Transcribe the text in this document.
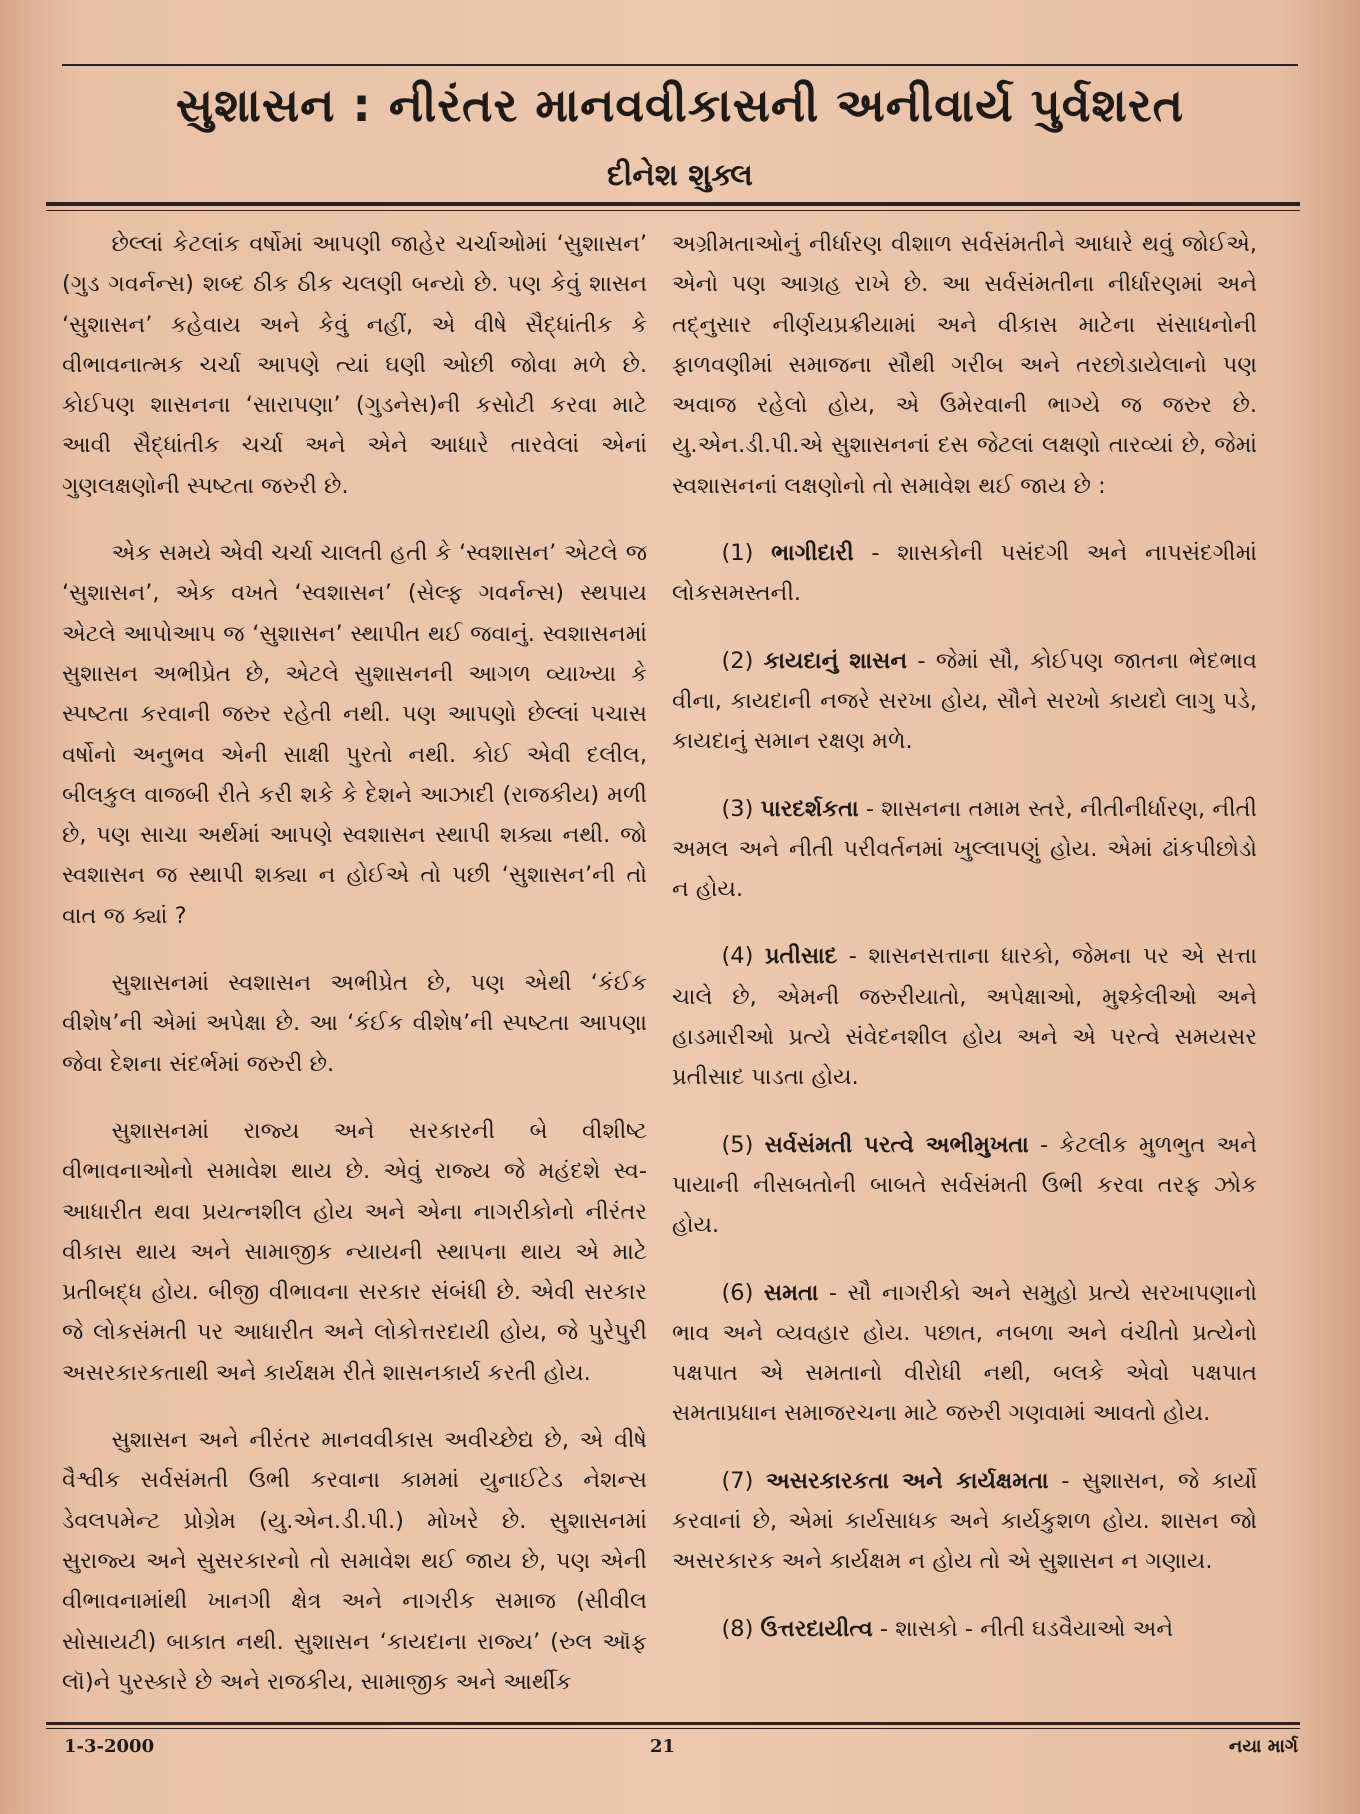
સુશાસન : નીરંતર માનવવીકાસની અનીવાર્ય પુર્વશરત
દીનેશ શુક્લ

છેલ્લાં કેટલાંક વર્ષોમાં આપણી જાહેર ચર્ચાઓમાં ‘સુશાસન’ (ગુડ ગવર્નન્સ) શબ્દ ઠીક ઠીક ચલણી બન્યો છે. પણ કેવું શાસન ‘સુશાસન’ કહેવાય અને કેવું નહીં, એ વીષે સૈદ્ધાંતીક કે વીભાવનાત્મક ચર્ચા આપણે ત્યાં ઘણી ઓછી જોવા મળે છે. કોઈપણ શાસનના ‘સારાપણા’ (ગુડનેસ)ની કસોટી કરવા માટે આવી સૈદ્ધાંતીક ચર્ચા અને એને આધારે તારવેલાં એનાં ગુણલક્ષણોની સ્પષ્ટતા જરુરી છે.

એક સમયે એવી ચર્ચા ચાલતી હતી કે ‘સ્વશાસન’ એટલે જ ‘સુશાસન’, એક વખતે ‘સ્વશાસન’ (સેલ્ફ ગવર્નન્સ) સ્થપાય એટલે આપોઆપ જ ‘સુશાસન’ સ્થાપીત થઈ જવાનું. સ્વશાસનમાં સુશાસન અભીપ્રેત છે, એટલે સુશાસનની આગળ વ્યાખ્યા કે સ્પષ્ટતા કરવાની જરુર રહેતી નથી. પણ આપણો છેલ્લાં પચાસ વર્ષોનો અનુભવ એની સાક્ષી પુરતો નથી. કોઈ એવી દલીલ, બીલકુલ વાજબી રીતે કરી શકે કે દેશને આઝાદી (રાજકીય) મળી છે, પણ સાચા અર્થમાં આપણે સ્વશાસન સ્થાપી શક્યા નથી. જો સ્વશાસન જ સ્થાપી શક્યા ન હોઈએ તો પછી ‘સુશાસન’ની તો વાત જ ક્યાં ?

સુશાસનમાં સ્વશાસન અભીપ્રેત છે, પણ એથી ‘કંઈક વીશેષ’ની એમાં અપેક્ષા છે. આ ‘કંઈક વીશેષ’ની સ્પષ્ટતા આપણા જેવા દેશના સંદર્ભમાં જરુરી છે.

સુશાસનમાં રાજ્ય અને સરકારની બે વીશીષ્ટ વીભાવનાઓનો સમાવેશ થાય છે. એવું રાજ્ય જે મહંદશે સ્વ-આધારીત થવા પ્રયત્નશીલ હોય અને એના નાગરીકોનો નીરંતર વીકાસ થાય અને સામાજીક ન્યાયની સ્થાપના થાય એ માટે પ્રતીબદ્ધ હોય. બીજી વીભાવના સરકાર સંબંધી છે. એવી સરકાર જે લોકસંમતી પર આધારીત અને લોકોત્તરદાયી હોય, જે પુરેપુરી અસરકારકતાથી અને કાર્યક્ષમ રીતે શાસનકાર્ય કરતી હોય.

સુશાસન અને નીરંતર માનવવીકાસ અવીચ્છેદ્ય છે, એ વીષે વૈશ્વીક સર્વસંમતી ઉભી કરવાના કામમાં યુનાઈટેડ નેશન્સ ડેવલપમેન્ટ પ્રોગ્રેમ (યુ.એન.ડી.પી.) મોખરે છે. સુશાસનમાં સુરાજ્ય અને સુસરકારનો તો સમાવેશ થઈ જાય છે, પણ એની વીભાવનામાંથી ખાનગી ક્ષેત્ર અને નાગરીક સમાજ (સીવીલ સોસાયટી) બાકાત નથી. સુશાસન ‘કાયદાના રાજ્ય’ (રુલ ઑફ લૉ)ને પુરસ્કારે છે અને રાજકીય, સામાજીક અને આર્થીક

અગ્રીમતાઓનું નીર્ધારણ વીશાળ સર્વસંમતીને આધારે થવું જોઈએ, એનો પણ આગ્રહ રાખે છે. આ સર્વસંમતીના નીર્ધારણમાં અને તદ્નુસાર નીર્ણયપ્રક્રીયામાં અને વીકાસ માટેના સંસાધનોની ફાળવણીમાં સમાજના સૌથી ગરીબ અને તરછોડાયેલાનો પણ અવાજ રહેલો હોય, એ ઉમેરવાની ભાગ્યે જ જરુર છે. યુ.એન.ડી.પી.એ સુશાસનનાં દસ જેટલાં લક્ષણો તારવ્યાં છે, જેમાં સ્વશાસનનાં લક્ષણોનો તો સમાવેશ થઈ જાય છે :

(1) ભાગીદારી - શાસકોની પસંદગી અને નાપસંદગીમાં લોકસમસ્તની.

(2) કાયદાનું શાસન - જેમાં સૌ, કોઈપણ જાતના ભેદભાવ વીના, કાયદાની નજરે સરખા હોય, સૌને સરખો કાયદો લાગુ પડે, કાયદાનું સમાન રક્ષણ મળે.

(3) પારદર્શકતા - શાસનના તમામ સ્તરે, નીતીનીર્ધારણ, નીતી અમલ અને નીતી પરીવર્તનમાં ખુલ્લાપણું હોય. એમાં ઢાંકપીછોડો ન હોય.

(4) પ્રતીસાદ - શાસનસત્તાના ધારકો, જેમના પર એ સત્તા ચાલે છે, એમની જરુરીયાતો, અપેક્ષાઓ, મુશ્કેલીઓ અને હાડમારીઓ પ્રત્યે સંવેદનશીલ હોય અને એ પરત્વે સમયસર પ્રતીસાદ પાડતા હોય.

(5) સર્વસંમતી પરત્વે અભીમુખતા - કેટલીક મુળભુત અને પાયાની નીસબતોની બાબતે સર્વસંમતી ઉભી કરવા તરફ ઝોક હોય.

(6) સમતા - સૌ નાગરીકો અને સમુહો પ્રત્યે સરખાપણાનો ભાવ અને વ્યવહાર હોય. પછાત, નબળા અને વંચીતો પ્રત્યેનો પક્ષપાત એ સમતાનો વીરોધી નથી, બલકે એવો પક્ષપાત સમતાપ્રધાન સમાજરચના માટે જરુરી ગણવામાં આવતો હોય.

(7) અસરકારકતા અને કાર્યક્ષમતા - સુશાસન, જે કાર્યો કરવાનાં છે, એમાં કાર્યસાધક અને કાર્યકુશળ હોય. શાસન જો અસરકારક અને કાર્યક્ષમ ન હોય તો એ સુશાસન ન ગણાય.

(8) ઉત્તરદાયીત્વ - શાસકો - નીતી ઘડવૈયાઓ અને

1-3-2000	21	નયા માર્ગ
